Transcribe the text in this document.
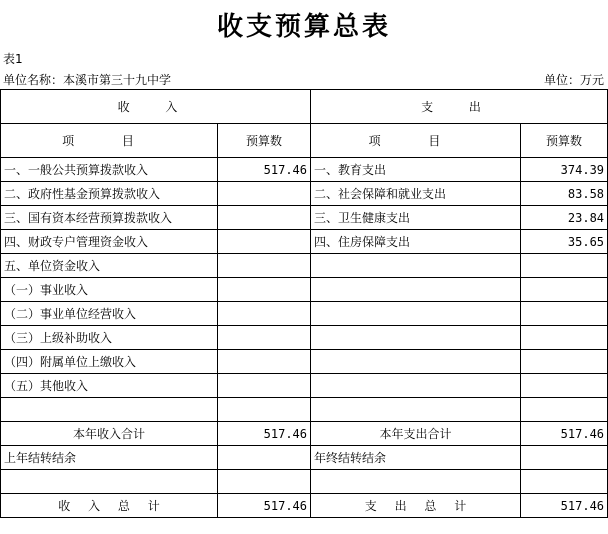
收支预算总表
表1
单位名称：本溪市第三十九中学	单位：万元
收 入		支 出	
项 目	预算数	项 目	预算数
一、一般公共预算拨款收入	517.46	一、教育支出	374.39
二、政府性基金预算拨款收入		二、社会保障和就业支出	83.58
三、国有资本经营预算拨款收入		三、卫生健康支出	23.84
四、财政专户管理资金收入		四、住房保障支出	35.65
五、单位资金收入			
（一）事业收入			
（二）事业单位经营收入			
（三）上级补助收入			
（四）附属单位上缴收入			
（五）其他收入			

本年收入合计	517.46	本年支出合计	517.46
上年结转结余		年终结转结余	

收 入 总 计	517.46	支 出 总 计	517.46
